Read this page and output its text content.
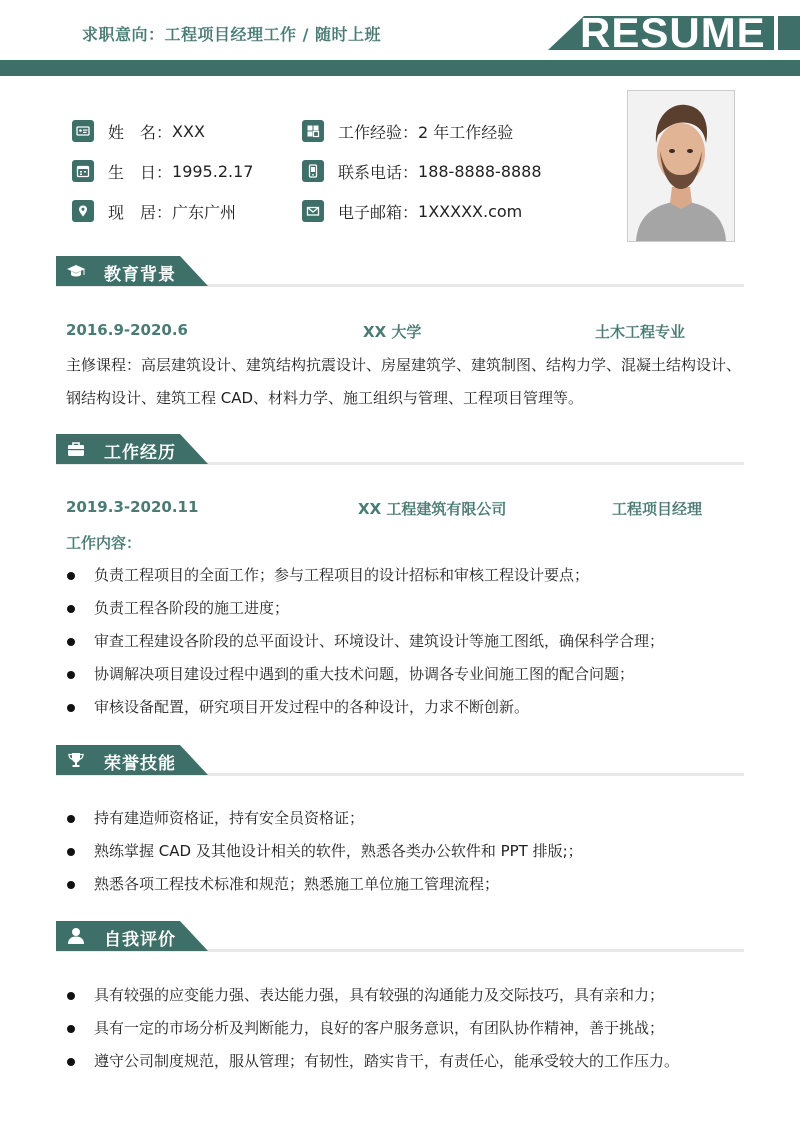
求职意向：工程项目经理工作 / 随时上班	RESUME
姓　名： XXX
生　日： 1995.2.17
现　居： 广东广州
工作经验： 2 年工作经验
联系电话： 188-8888-8888
电子邮箱： 1XXXXX.com
教育背景
2016.9-2020.6	XX 大学	土木工程专业
主修课程：高层建筑设计、建筑结构抗震设计、房屋建筑学、建筑制图、结构力学、混凝土结构设计、钢结构设计、建筑工程 CAD、材料力学、施工组织与管理、工程项目管理等。
工作经历
2019.3-2020.11	XX 工程建筑有限公司	工程项目经理
工作内容：
负责工程项目的全面工作；参与工程项目的设计招标和审核工程设计要点；
负责工程各阶段的施工进度；
审查工程建设各阶段的总平面设计、环境设计、建筑设计等施工图纸，确保科学合理；
协调解决项目建设过程中遇到的重大技术问题，协调各专业间施工图的配合问题；
审核设备配置，研究项目开发过程中的各种设计，力求不断创新。
荣誉技能
持有建造师资格证，持有安全员资格证；
熟练掌握 CAD 及其他设计相关的软件，熟悉各类办公软件和 PPT 排版;；
熟悉各项工程技术标准和规范；熟悉施工单位施工管理流程；
自我评价
具有较强的应变能力强、表达能力强，具有较强的沟通能力及交际技巧，具有亲和力；
具有一定的市场分析及判断能力，良好的客户服务意识，有团队协作精神，善于挑战；
遵守公司制度规范，服从管理；有韧性，踏实肯干，有责任心，能承受较大的工作压力。
